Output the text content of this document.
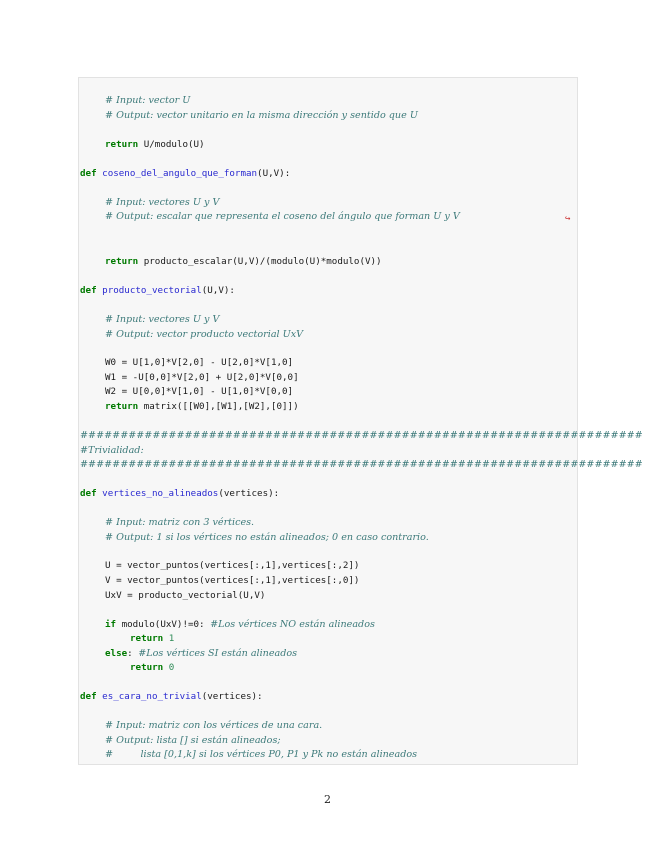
# Input: vector U
# Output: vector unitario en la misma dirección y sentido que U
return U/modulo(U)
def coseno_del_angulo_que_forman(U,V):
# Input: vectores U y V
# Output: escalar que representa el coseno del ángulo que forman U y V	↪
return producto_escalar(U,V)/(modulo(U)*modulo(V))
def producto_vectorial(U,V):
# Input: vectores U y V
# Output: vector producto vectorial UxV
W0 = U[1,0]*V[2,0] - U[2,0]*V[1,0]
W1 = -U[0,0]*V[2,0] + U[2,0]*V[0,0]
W2 = U[0,0]*V[1,0] - U[1,0]*V[0,0]
return matrix([[W0],[W1],[W2],[0]])
######################################################################
#Trivialidad:
######################################################################
def vertices_no_alineados(vertices):
# Input: matriz con 3 vértices.
# Output: 1 si los vértices no están alineados; 0 en caso contrario.
U = vector_puntos(vertices[:,1],vertices[:,2])
V = vector_puntos(vertices[:,1],vertices[:,0])
UxV = producto_vectorial(U,V)
if modulo(UxV)!=0: #Los vértices NO están alineados
return 1
else: #Los vértices SI están alineados
return 0
def es_cara_no_trivial(vertices):
# Input: matriz con los vértices de una cara.
# Output: lista [] si están alineados;
#         lista [0,1,k] si los vértices P0, P1 y Pk no están alineados
2
